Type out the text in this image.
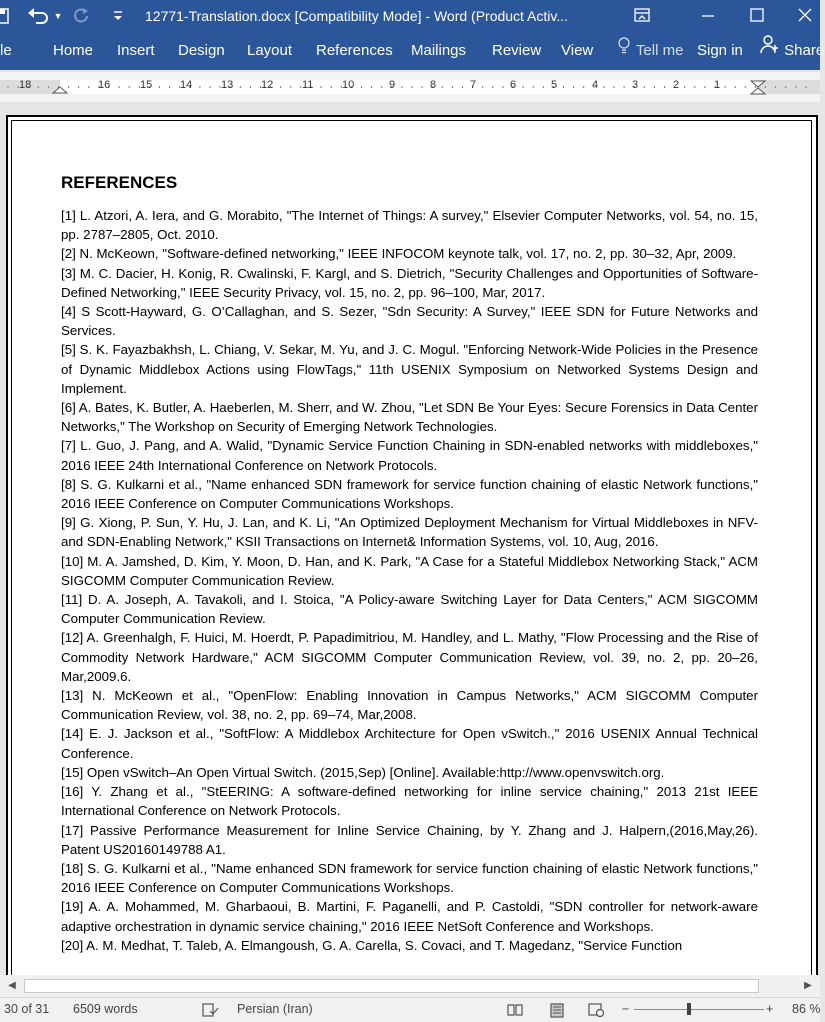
▼	12771-Translation.docx [Compatibility Mode] - Word (Product Activ...
le	Home Insert Design Layout References Mailings Review View	Tell me Sign in	Share
18	16	15	14	13	12	11	10	9	8	7	6	5	4	3	2	1
REFERENCES

[1] L. Atzori, A. Iera, and G. Morabito, "The Internet of Things: A survey," Elsevier Computer Networks, vol. 54, no. 15, pp. 2787–2805, Oct. 2010.

[2] N. McKeown, "Software-defined networking," IEEE INFOCOM keynote talk, vol. 17, no. 2, pp. 30–32, Apr, 2009.

[3] M. C. Dacier, H. Konig, R. Cwalinski, F. Kargl, and S. Dietrich, "Security Challenges and Opportunities of Software-Defined Networking," IEEE Security Privacy, vol. 15, no. 2, pp. 96–100, Mar, 2017.

[4] S Scott-Hayward, G. O’Callaghan, and S. Sezer, "Sdn Security: A Survey," IEEE SDN for Future Networks and Services.

[5] S. K. Fayazbakhsh, L. Chiang, V. Sekar, M. Yu, and J. C. Mogul. "Enforcing Network-Wide Policies in the Presence of Dynamic Middlebox Actions using FlowTags," 11th USENIX Symposium on Networked Systems Design and Implement.

[6] A. Bates, K. Butler, A. Haeberlen, M. Sherr, and W. Zhou, "Let SDN Be Your Eyes: Secure Forensics in Data Center Networks," The Workshop on Security of Emerging Network Technologies.

[7] L. Guo, J. Pang, and A. Walid, "Dynamic Service Function Chaining in SDN-enabled networks with middleboxes," 2016 IEEE 24th International Conference on Network Protocols.

[8] S. G. Kulkarni et al., "Name enhanced SDN framework for service function chaining of elastic Network functions," 2016 IEEE Conference on Computer Communications Workshops.

[9] G. Xiong, P. Sun, Y. Hu, J. Lan, and K. Li, "An Optimized Deployment Mechanism for Virtual Middleboxes in NFV- and SDN-Enabling Network," KSII Transactions on Internet& Information Systems, vol. 10, Aug, 2016.

[10] M. A. Jamshed, D. Kim, Y. Moon, D. Han, and K. Park, "A Case for a Stateful Middlebox Networking Stack," ACM SIGCOMM Computer Communication Review.

[11] D. A. Joseph, A. Tavakoli, and I. Stoica, "A Policy-aware Switching Layer for Data Centers," ACM SIGCOMM Computer Communication Review.

[12] A. Greenhalgh, F. Huici, M. Hoerdt, P. Papadimitriou, M. Handley, and L. Mathy, "Flow Processing and the Rise of Commodity Network Hardware," ACM SIGCOMM Computer Communication Review, vol. 39, no. 2, pp. 20–26, Mar,2009.6.

[13] N. McKeown et al., "OpenFlow: Enabling Innovation in Campus Networks," ACM SIGCOMM Computer Communication Review, vol. 38, no. 2, pp. 69–74, Mar,2008.

[14] E. J. Jackson et al., "SoftFlow: A Middlebox Architecture for Open vSwitch.," 2016 USENIX Annual Technical Conference.

[15] Open vSwitch–An Open Virtual Switch. (2015,Sep) [Online]. Available:http://www.openvswitch.org.

[16] Y. Zhang et al., "StEERING: A software-defined networking for inline service chaining," 2013 21st IEEE International Conference on Network Protocols.

[17] Passive Performance Measurement for Inline Service Chaining, by Y. Zhang and J. Halpern,(2016,May,26). Patent US20160149788 A1.

[18] S. G. Kulkarni et al., "Name enhanced SDN framework for service function chaining of elastic Network functions," 2016 IEEE Conference on Computer Communications Workshops.

[19] A. A. Mohammed, M. Gharbaoui, B. Martini, F. Paganelli, and P. Castoldi, "SDN controller for network-aware adaptive orchestration in dynamic service chaining," 2016 IEEE NetSoft Conference and Workshops.

[20] A. M. Medhat, T. Taleb, A. Elmangoush, G. A. Carella, S. Covaci, and T. Magedanz, "Service Function

◀	▶
30 of 31 6509 words	Persian (Iran)	−	+ 86 %
